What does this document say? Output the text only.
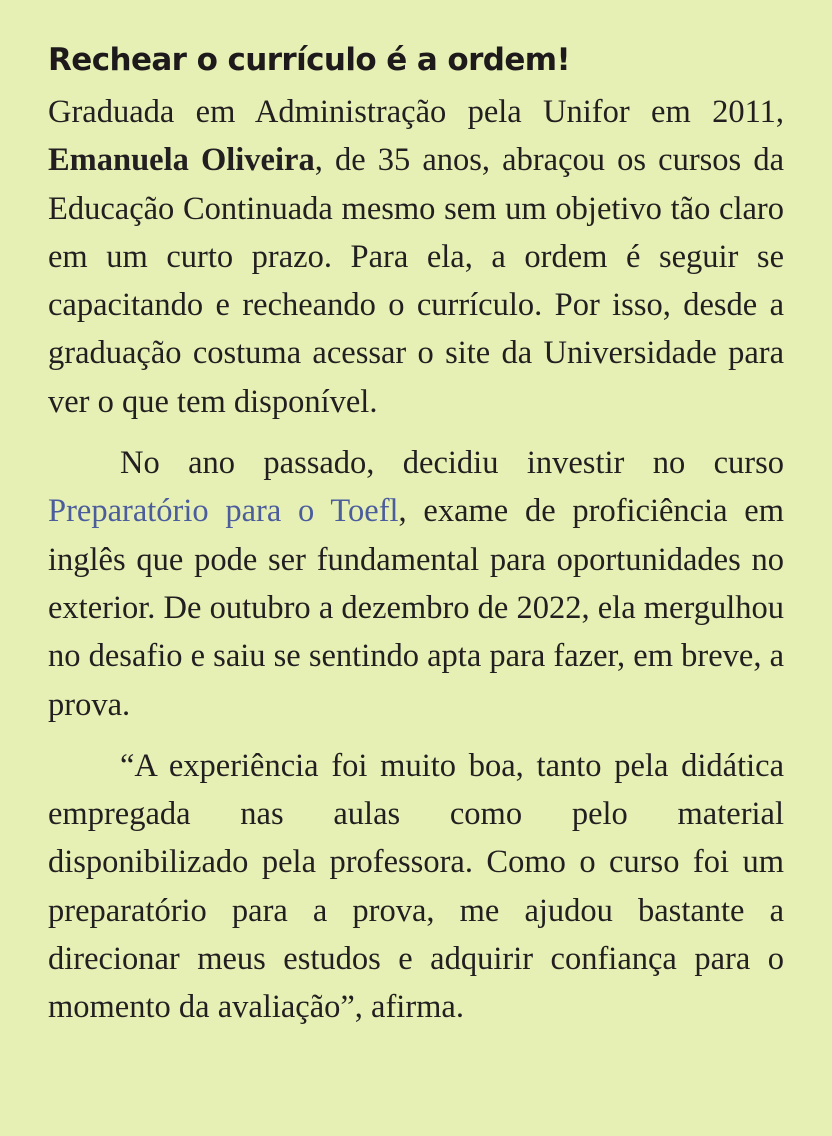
Rechear o currículo é a ordem!

Graduada em Administração pela Unifor em 2011, Emanuela Oliveira, de 35 anos, abraçou os cursos da Educação Continuada mesmo sem um objetivo tão claro em um curto prazo. Para ela, a ordem é seguir se capacitando e recheando o currículo. Por isso, desde a graduação costuma acessar o site da Universidade para ver o que tem disponível.

No ano passado, decidiu investir no curso Preparatório para o Toefl, exame de proficiência em inglês que pode ser fundamental para oportunidades no exterior. De outubro a dezembro de 2022, ela mergulhou no desafio e saiu se sentindo apta para fazer, em breve, a prova.

“A experiência foi muito boa, tanto pela didática empregada nas aulas como pelo material disponibilizado pela professora. Como o curso foi um preparatório para a prova, me ajudou bastante a direcionar meus estudos e adquirir confiança para o momento da avaliação”, afirma.
